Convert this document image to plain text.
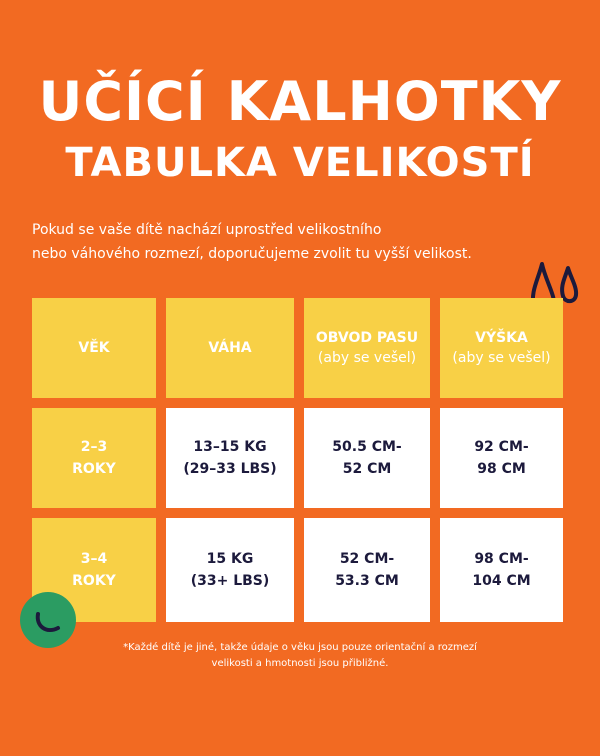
UČÍCÍ KALHOTKY
TABULKA VELIKOSTÍ
Pokud se vaše dítě nachází uprostřed velikostního
nebo váhového rozmezí, doporučujeme zvolit tu vyšší velikost.
VĚK	VÁHA
OBVOD PASU
(aby se vešel)
VÝŠKA
(aby se vešel)
2–3
ROKY
13–15 KG
(29–33 LBS)
50.5 CM-
52 CM
92 CM-
98 CM
3–4
ROKY
15 KG
(33+ LBS)
52 CM-
53.3 CM
98 CM-
104 CM
*Každé dítě je jiné, takže údaje o věku jsou pouze orientační a rozmezí
velikosti a hmotnosti jsou přibližné.
